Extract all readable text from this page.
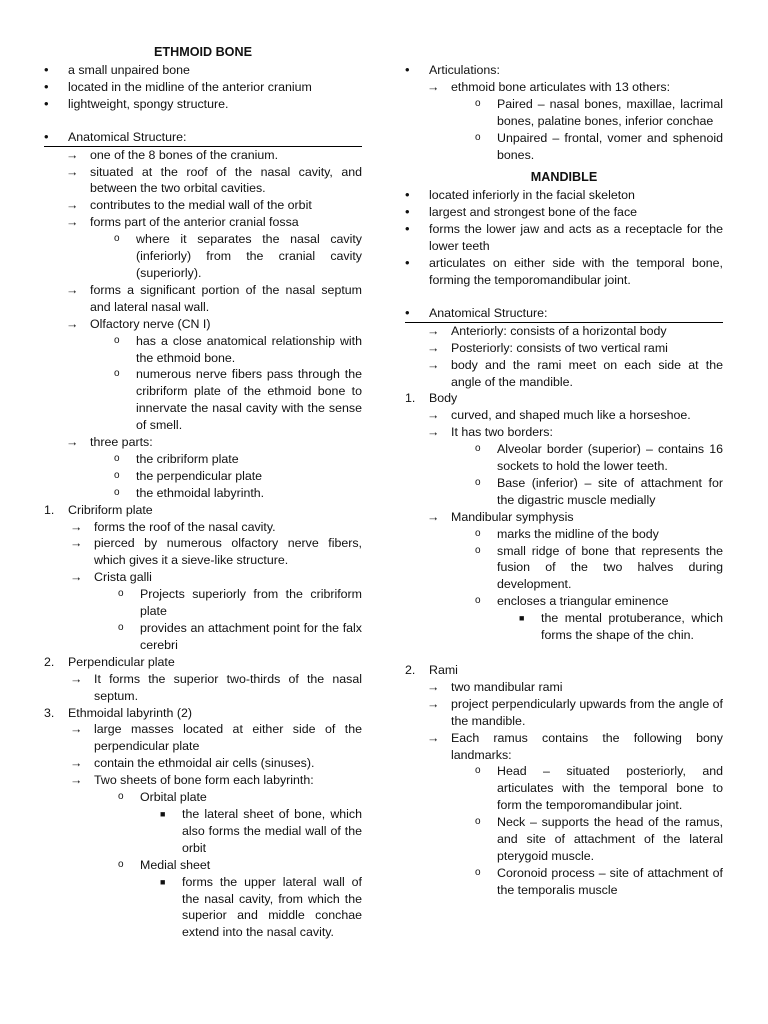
ETHMOID BONE
• a small unpaired bone
• located in the midline of the anterior cranium
• lightweight, spongy structure.
• Anatomical Structure:
→ one of the 8 bones of the cranium.
→ situated at the roof of the nasal cavity, and between the two orbital cavities.
→ contributes to the medial wall of the orbit
→ forms part of the anterior cranial fossa
o where it separates the nasal cavity (inferiorly) from the cranial cavity (superiorly).
→ forms a significant portion of the nasal septum and lateral nasal wall.
→ Olfactory nerve (CN I)
o has a close anatomical relationship with the ethmoid bone.
o numerous nerve fibers pass through the cribriform plate of the ethmoid bone to innervate the nasal cavity with the sense of smell.
→ three parts:
o the cribriform plate
o the perpendicular plate
o the ethmoidal labyrinth.
1. Cribriform plate
→ forms the roof of the nasal cavity.
→ pierced by numerous olfactory nerve fibers, which gives it a sieve-like structure.
→ Crista galli
o Projects superiorly from the cribriform plate
o provides an attachment point for the falx cerebri
2. Perpendicular plate
→ It forms the superior two-thirds of the nasal septum.
3. Ethmoidal labyrinth (2)
→ large masses located at either side of the perpendicular plate
→ contain the ethmoidal air cells (sinuses).
→ Two sheets of bone form each labyrinth:
o Orbital plate
■ the lateral sheet of bone, which also forms the medial wall of the orbit
o Medial sheet
■ forms the upper lateral wall of the nasal cavity, from which the superior and middle conchae extend into the nasal cavity.
• Articulations:
→ ethmoid bone articulates with 13 others:
o Paired – nasal bones, maxillae, lacrimal bones, palatine bones, inferior conchae
o Unpaired – frontal, vomer and sphenoid bones.
MANDIBLE
• located inferiorly in the facial skeleton
• largest and strongest bone of the face
• forms the lower jaw and acts as a receptacle for the lower teeth
• articulates on either side with the temporal bone, forming the temporomandibular joint.
• Anatomical Structure:
→ Anteriorly: consists of a horizontal body
→ Posteriorly: consists of two vertical rami
→ body and the rami meet on each side at the angle of the mandible.
1. Body
→ curved, and shaped much like a horseshoe.
→ It has two borders:
o Alveolar border (superior) – contains 16 sockets to hold the lower teeth.
o Base (inferior) – site of attachment for the digastric muscle medially
→ Mandibular symphysis
o marks the midline of the body
o small ridge of bone that represents the fusion of the two halves during development.
o encloses a triangular eminence
■ the mental protuberance, which forms the shape of the chin.
2. Rami
→ two mandibular rami
→ project perpendicularly upwards from the angle of the mandible.
→ Each ramus contains the following bony landmarks:
o Head – situated posteriorly, and articulates with the temporal bone to form the temporomandibular joint.
o Neck – supports the head of the ramus, and site of attachment of the lateral pterygoid muscle.
o Coronoid process – site of attachment of the temporalis muscle
